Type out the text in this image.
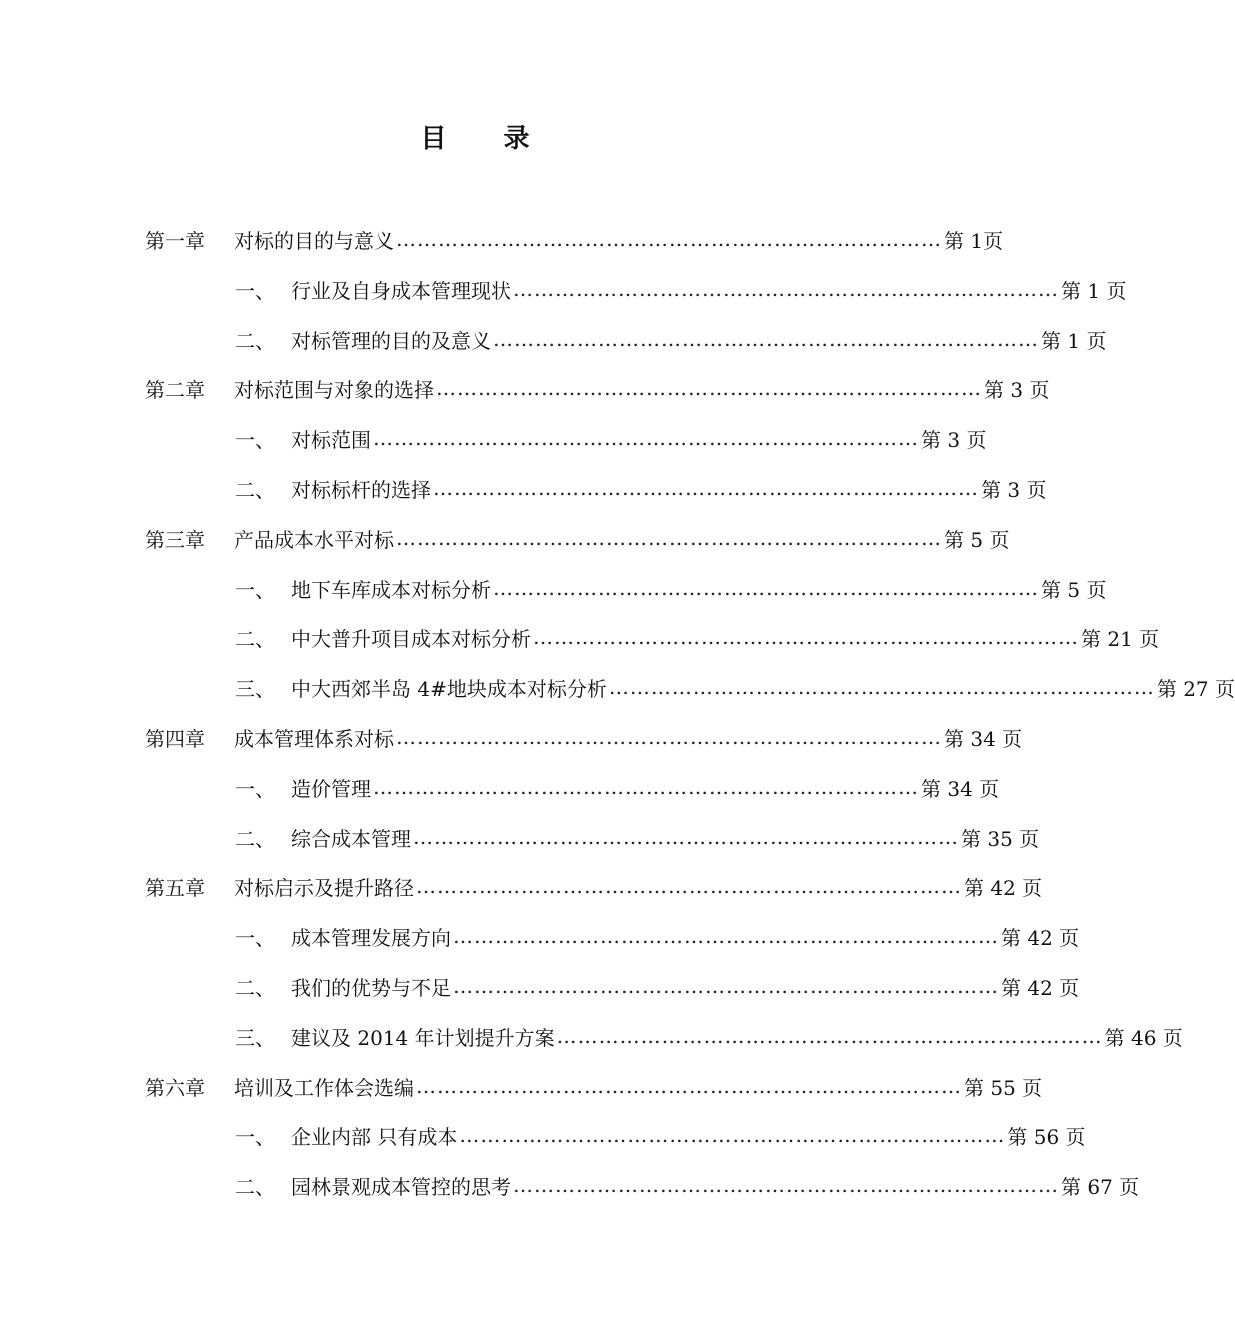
目 录
第一章	对标的目的与意义 …………………………………………………………………… 第 1页
一、 行业及自身成本管理现状 …………………………………………………………………… 第 1 页
二、 对标管理的目的及意义 …………………………………………………………………… 第 1 页
第二章	对标范围与对象的选择 …………………………………………………………………… 第 3 页
一、 对标范围 …………………………………………………………………… 第 3 页
二、 对标标杆的选择 …………………………………………………………………… 第 3 页
第三章	产品成本水平对标 …………………………………………………………………… 第 5 页
一、 地下车库成本对标分析 …………………………………………………………………… 第 5 页
二、 中大普升项目成本对标分析 …………………………………………………………………… 第 21 页
三、 中大西郊半岛 4#地块成本对标分析 …………………………………………………………………… 第 27 页
第四章	成本管理体系对标 …………………………………………………………………… 第 34 页
一、 造价管理 …………………………………………………………………… 第 34 页
二、 综合成本管理 …………………………………………………………………… 第 35 页
第五章	对标启示及提升路径 …………………………………………………………………… 第 42 页
一、 成本管理发展方向 …………………………………………………………………… 第 42 页
二、 我们的优势与不足 …………………………………………………………………… 第 42 页
三、 建议及 2014 年计划提升方案 …………………………………………………………………… 第 46 页
第六章	培训及工作体会选编 …………………………………………………………………… 第 55 页
一、 企业内部 只有成本 …………………………………………………………………… 第 56 页
二、 园林景观成本管控的思考 …………………………………………………………………… 第 67 页
